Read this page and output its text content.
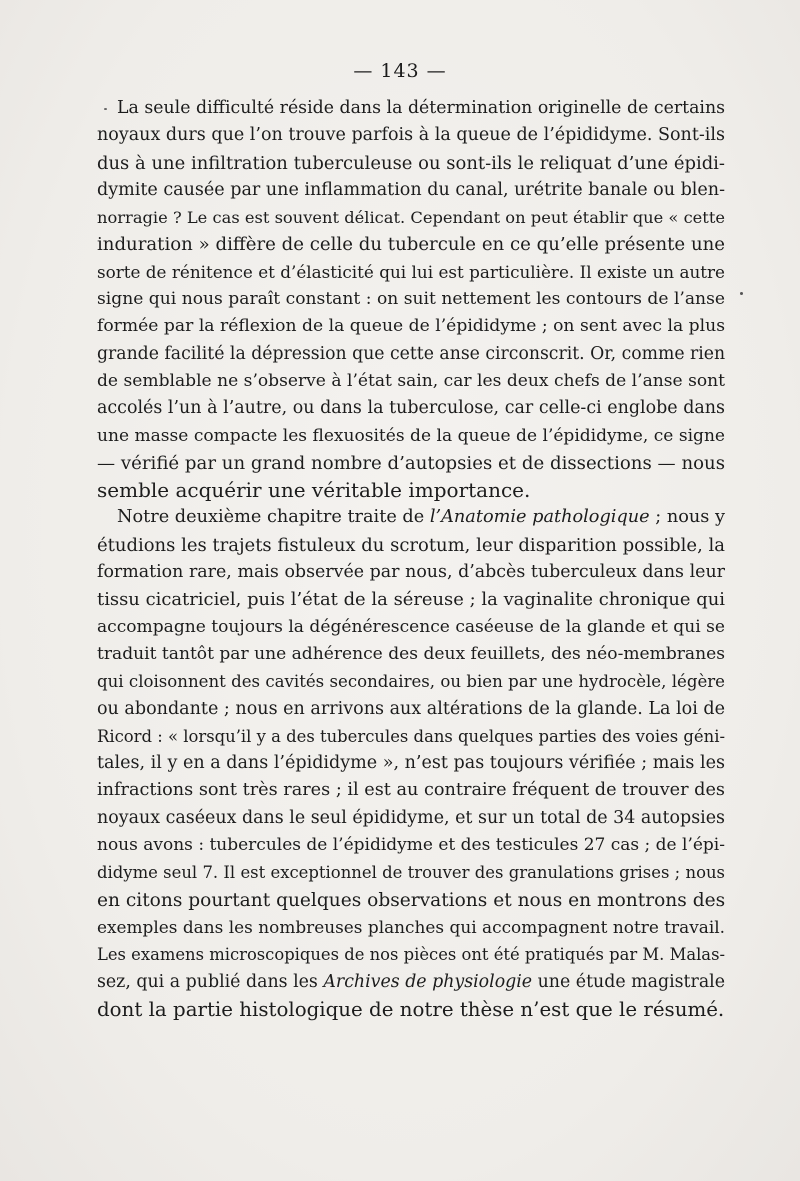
— 143 —
La seule difficulté réside dans la détermination originelle de certains
noyaux durs que l’on trouve parfois à la queue de l’épididyme. Sont-ils
dus à une infiltration tuberculeuse ou sont-ils le reliquat d’une épidi-
dymite causée par une inflammation du canal, urétrite banale ou blen-
norragie ? Le cas est souvent délicat. Cependant on peut établir que « cette
induration » diffère de celle du tubercule en ce qu’elle présente une
sorte de rénitence et d’élasticité qui lui est particulière. Il existe un autre
signe qui nous paraît constant : on suit nettement les contours de l’anse
formée par la réflexion de la queue de l’épididyme ; on sent avec la plus
grande facilité la dépression que cette anse circonscrit. Or, comme rien
de semblable ne s’observe à l’état sain, car les deux chefs de l’anse sont
accolés l’un à l’autre, ou dans la tuberculose, car celle-ci englobe dans
une masse compacte les flexuosités de la queue de l’épididyme, ce signe
— vérifié par un grand nombre d’autopsies et de dissections — nous
semble acquérir une véritable importance.
Notre deuxième chapitre traite de l’Anatomie pathologique ; nous y
étudions les trajets fistuleux du scrotum, leur disparition possible, la
formation rare, mais observée par nous, d’abcès tuberculeux dans leur
tissu cicatriciel, puis l’état de la séreuse ; la vaginalite chronique qui
accompagne toujours la dégénérescence caséeuse de la glande et qui se
traduit tantôt par une adhérence des deux feuillets, des néo-membranes
qui cloisonnent des cavités secondaires, ou bien par une hydrocèle, légère
ou abondante ; nous en arrivons aux altérations de la glande. La loi de
Ricord : « lorsqu’il y a des tubercules dans quelques parties des voies géni-
tales, il y en a dans l’épididyme », n’est pas toujours vérifiée ; mais les
infractions sont très rares ; il est au contraire fréquent de trouver des
noyaux caséeux dans le seul épididyme, et sur un total de 34 autopsies
nous avons : tubercules de l’épididyme et des testicules 27 cas ; de l’épi-
didyme seul 7. Il est exceptionnel de trouver des granulations grises ; nous
en citons pourtant quelques observations et nous en montrons des
exemples dans les nombreuses planches qui accompagnent notre travail.
Les examens microscopiques de nos pièces ont été pratiqués par M. Malas-
sez, qui a publié dans les Archives de physiologie une étude magistrale
dont la partie histologique de notre thèse n’est que le résumé.
